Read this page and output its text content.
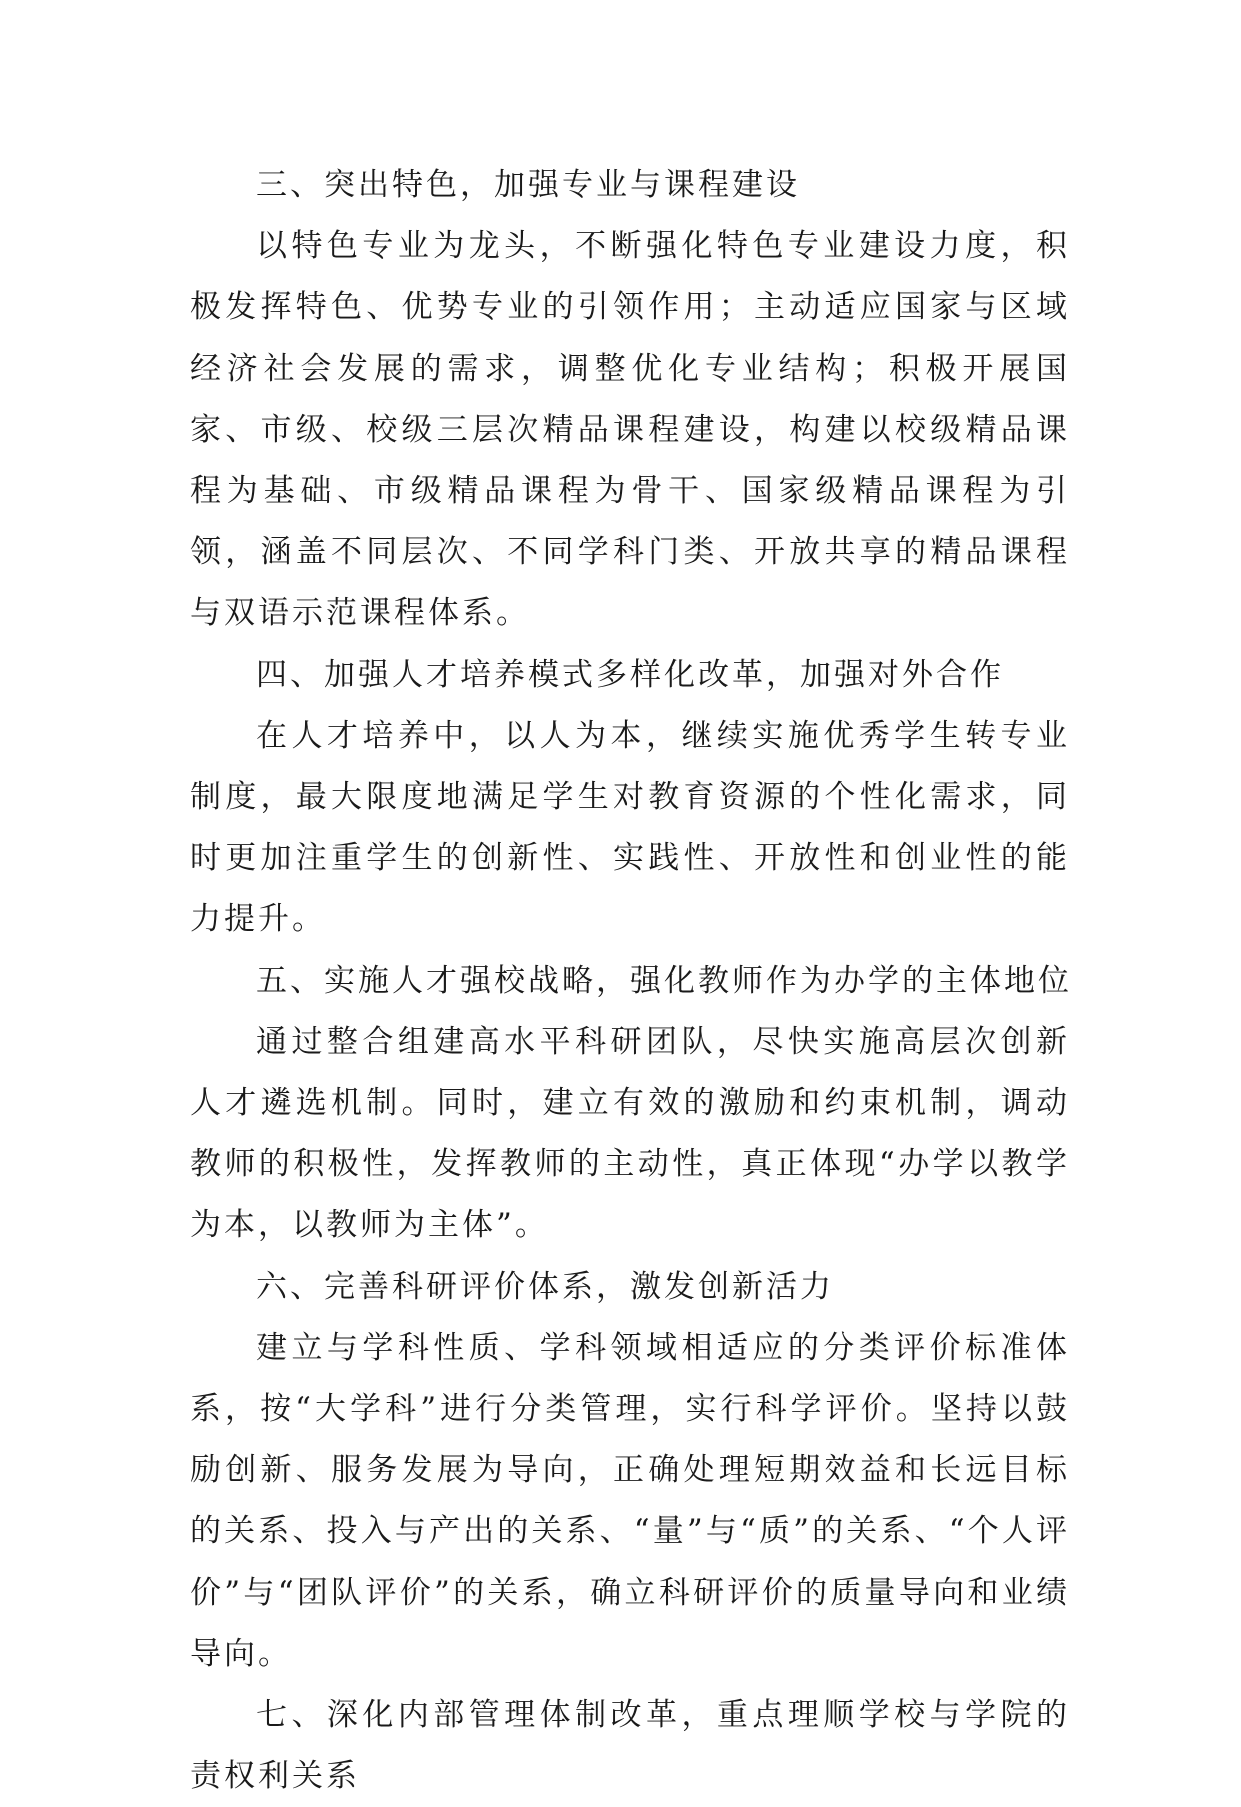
三、突出特色，加强专业与课程建设

以特色专业为龙头，不断强化特色专业建设力度，积极发挥特色、优势专业的引领作用；主动适应国家与区域经济社会发展的需求，调整优化专业结构；积极开展国家、市级、校级三层次精品课程建设，构建以校级精品课程为基础、市级精品课程为骨干、国家级精品课程为引领，涵盖不同层次、不同学科门类、开放共享的精品课程与双语示范课程体系。

四、加强人才培养模式多样化改革，加强对外合作

在人才培养中，以人为本，继续实施优秀学生转专业制度，最大限度地满足学生对教育资源的个性化需求，同时更加注重学生的创新性、实践性、开放性和创业性的能力提升。

五、实施人才强校战略，强化教师作为办学的主体地位

通过整合组建高水平科研团队，尽快实施高层次创新人才遴选机制。同时，建立有效的激励和约束机制，调动教师的积极性，发挥教师的主动性，真正体现“办学以教学为本，以教师为主体”。

六、完善科研评价体系，激发创新活力

建立与学科性质、学科领域相适应的分类评价标准体系，按“大学科”进行分类管理，实行科学评价。坚持以鼓励创新、服务发展为导向，正确处理短期效益和长远目标的关系、投入与产出的关系、“量”与“质”的关系、“个人评价”与“团队评价”的关系，确立科研评价的质量导向和业绩导向。

七、深化内部管理体制改革，重点理顺学校与学院的责权利关系
